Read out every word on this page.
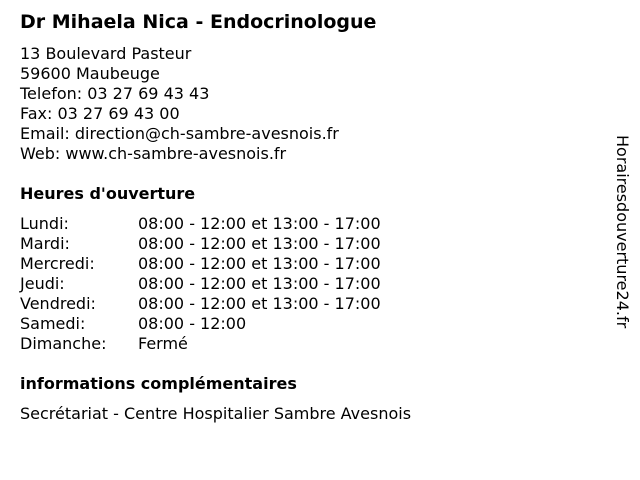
Dr Mihaela Nica - Endocrinologue
13 Boulevard Pasteur
59600 Maubeuge
Telefon: 03 27 69 43 43
Fax: 03 27 69 43 00
Email: direction@ch-sambre-avesnois.fr
Web: www.ch-sambre-avesnois.fr
Heures d'ouverture
Lundi:	08:00 - 12:00 et 13:00 - 17:00
Mardi:	08:00 - 12:00 et 13:00 - 17:00
Mercredi:	08:00 - 12:00 et 13:00 - 17:00
Jeudi:	08:00 - 12:00 et 13:00 - 17:00
Vendredi:	08:00 - 12:00 et 13:00 - 17:00
Samedi:	08:00 - 12:00
Dimanche: Fermé
informations complémentaires
Secrétariat - Centre Hospitalier Sambre Avesnois
Horairesdouverture24.fr
